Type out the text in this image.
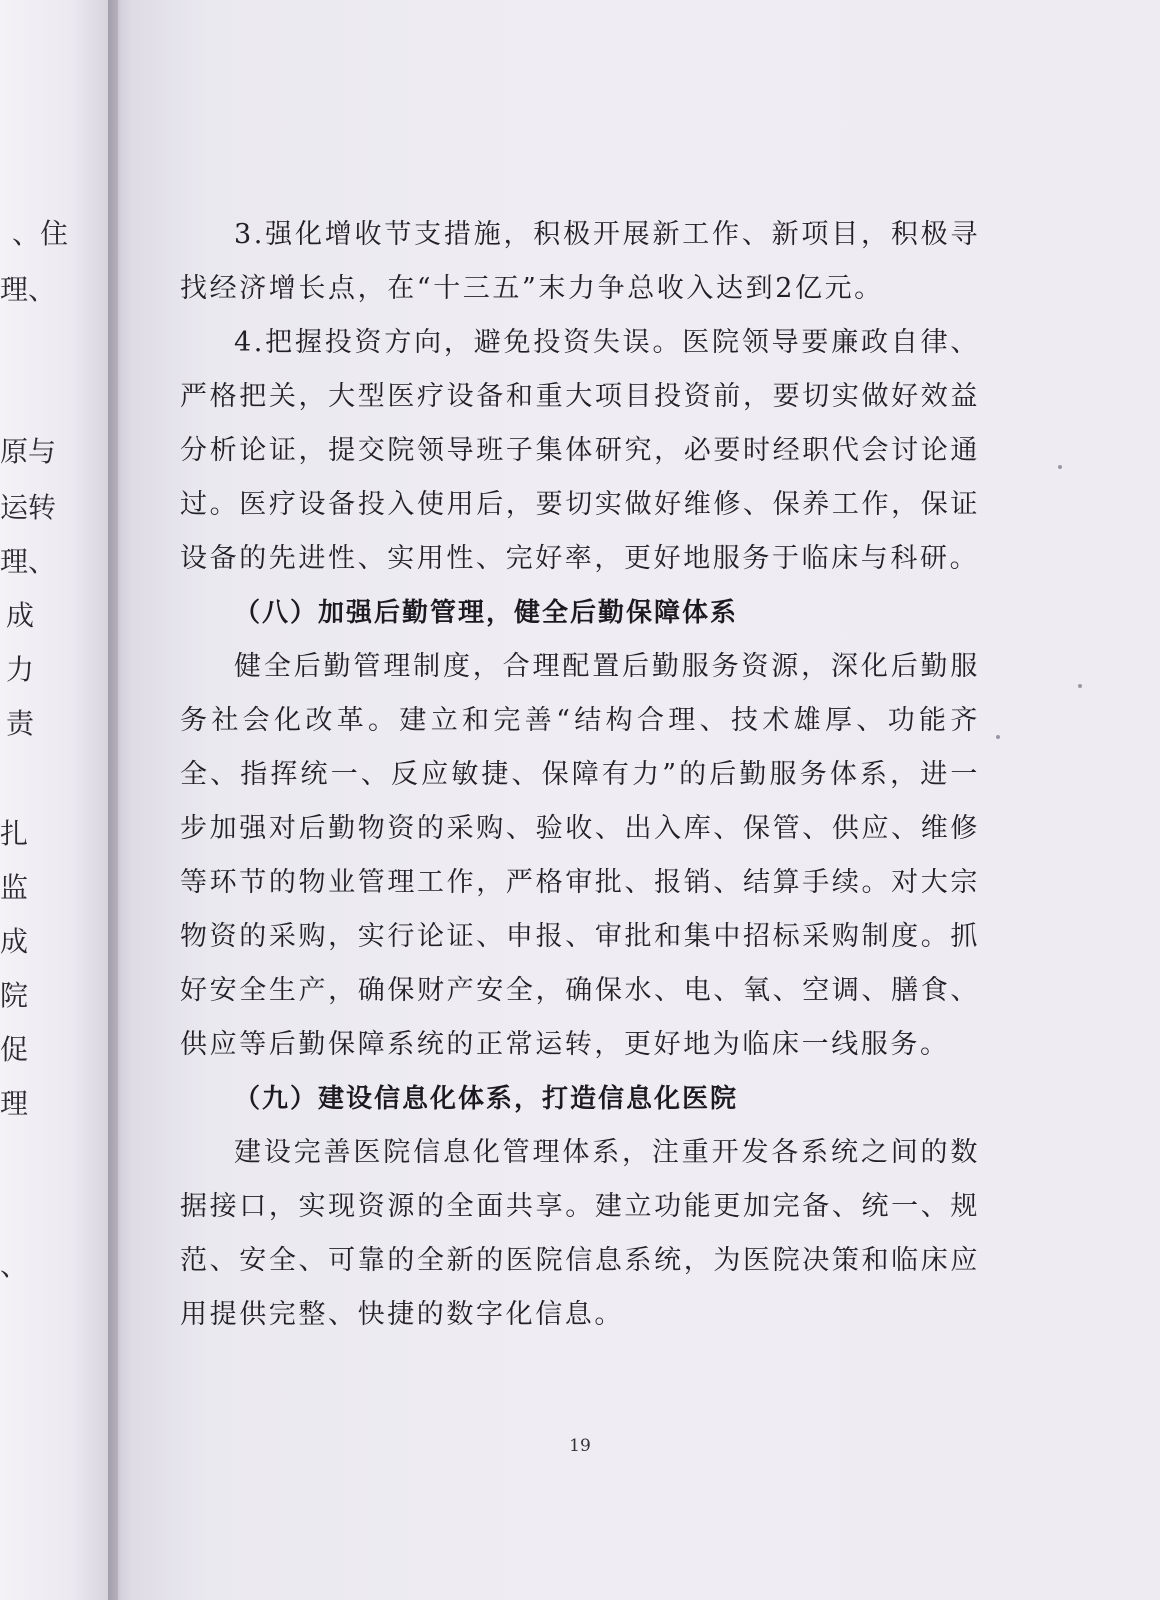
、住
理、
原与
运转
理、
成
力
责
扎
监
成
院
促
理
、

3.强化增收节支措施，积极开展新工作、新项目，积极寻找经济增长点，在“十三五”末力争总收入达到2亿元。

4.把握投资方向，避免投资失误。医院领导要廉政自律、严格把关，大型医疗设备和重大项目投资前，要切实做好效益分析论证，提交院领导班子集体研究，必要时经职代会讨论通过。医疗设备投入使用后，要切实做好维修、保养工作，保证设备的先进性、实用性、完好率，更好地服务于临床与科研。

（八）加强后勤管理，健全后勤保障体系

健全后勤管理制度，合理配置后勤服务资源，深化后勤服务社会化改革。建立和完善“结构合理、技术雄厚、功能齐全、指挥统一、反应敏捷、保障有力”的后勤服务体系，进一步加强对后勤物资的采购、验收、出入库、保管、供应、维修等环节的物业管理工作，严格审批、报销、结算手续。对大宗物资的采购，实行论证、申报、审批和集中招标采购制度。抓好安全生产，确保财产安全，确保水、电、氧、空调、膳食、供应等后勤保障系统的正常运转，更好地为临床一线服务。

（九）建设信息化体系，打造信息化医院

建设完善医院信息化管理体系，注重开发各系统之间的数据接口，实现资源的全面共享。建立功能更加完备、统一、规范、安全、可靠的全新的医院信息系统，为医院决策和临床应用提供完整、快捷的数字化信息。

19
